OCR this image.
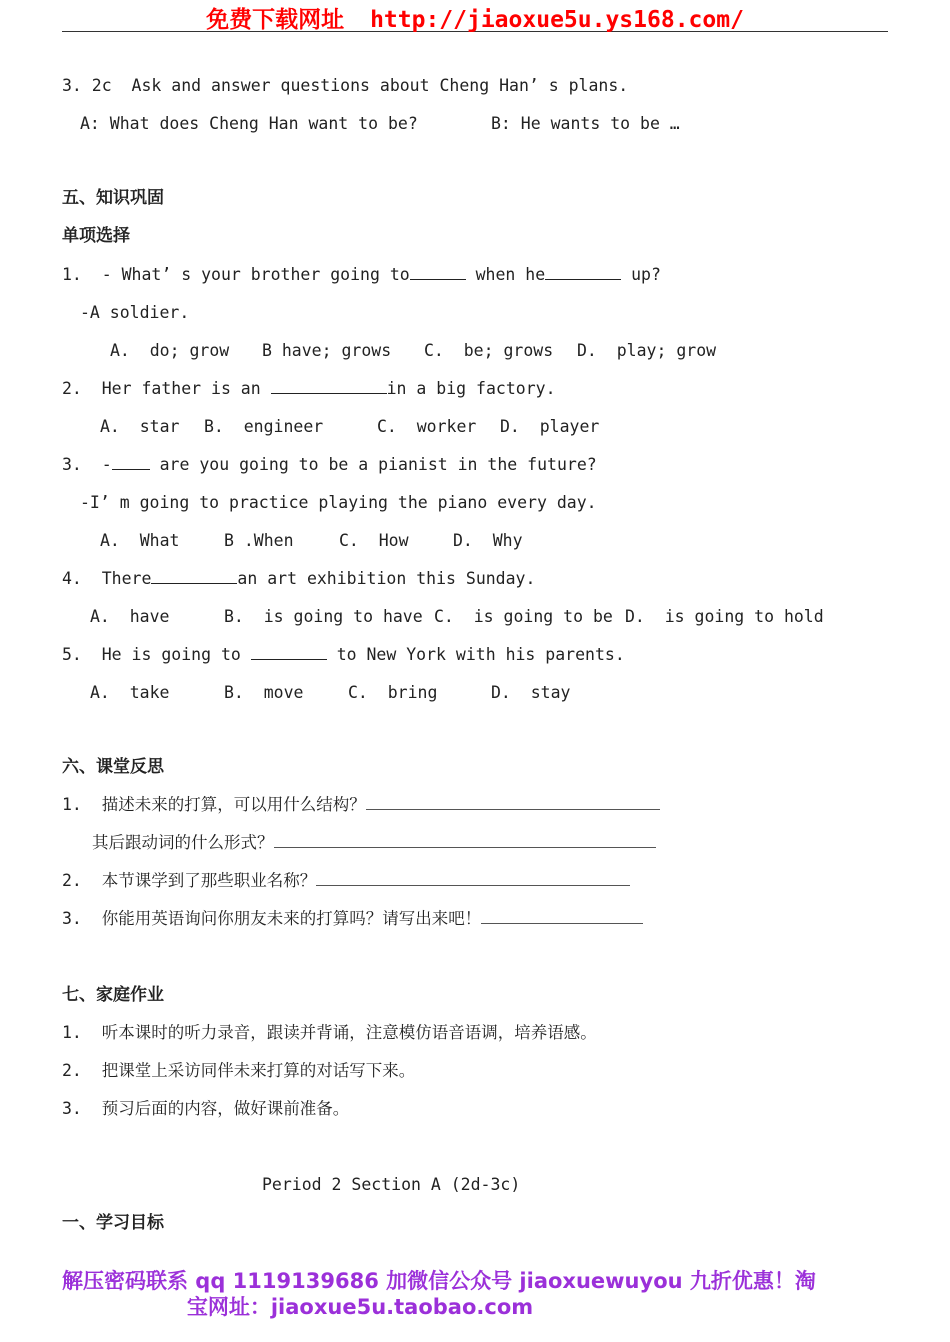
免费下载网址 http://jiaoxue5u.ys168.com/
3. 2c  Ask and answer questions about Cheng Han’ s plans.
A: What does Cheng Han want to be?	B: He wants to be …
五、知识巩固
单项选择
1.  - What’ s your brother going to	when he	up?
-A soldier.
A.  do; grow B have; grows C.  be; grows D.  play; grow
2.  Her father is an	in a big factory.
A.  star B.  engineer	C.  worker D.  player
3.  -	are you going to be a pianist in the future?
-I’ m going to practice playing the piano every day.
A.  What	B .When	C.  How	D.  Why
4.  There	an art exhibition this Sunday.
A.  have	B.  is going to have C.  is going to be D.  is going to hold
5.  He is going to	to New York with his parents.
A.  take	B.  move	C.  bring	D.  stay
六、课堂反思
1. 描述未来的打算，可以用什么结构？
其后跟动词的什么形式？
2. 本节课学到了那些职业名称？
3. 你能用英语询问你朋友未来的打算吗？请写出来吧！
七、家庭作业
1. 听本课时的听力录音，跟读并背诵，注意模仿语音语调，培养语感。
2. 把课堂上采访同伴未来打算的对话写下来。
3. 预习后面的内容，做好课前准备。
Period 2 Section A (2d-3c)
一、学习目标
解压密码联系 qq 1119139686 加微信公众号 jiaoxuewuyou 九折优惠！淘
宝网址：jiaoxue5u.taobao.com
